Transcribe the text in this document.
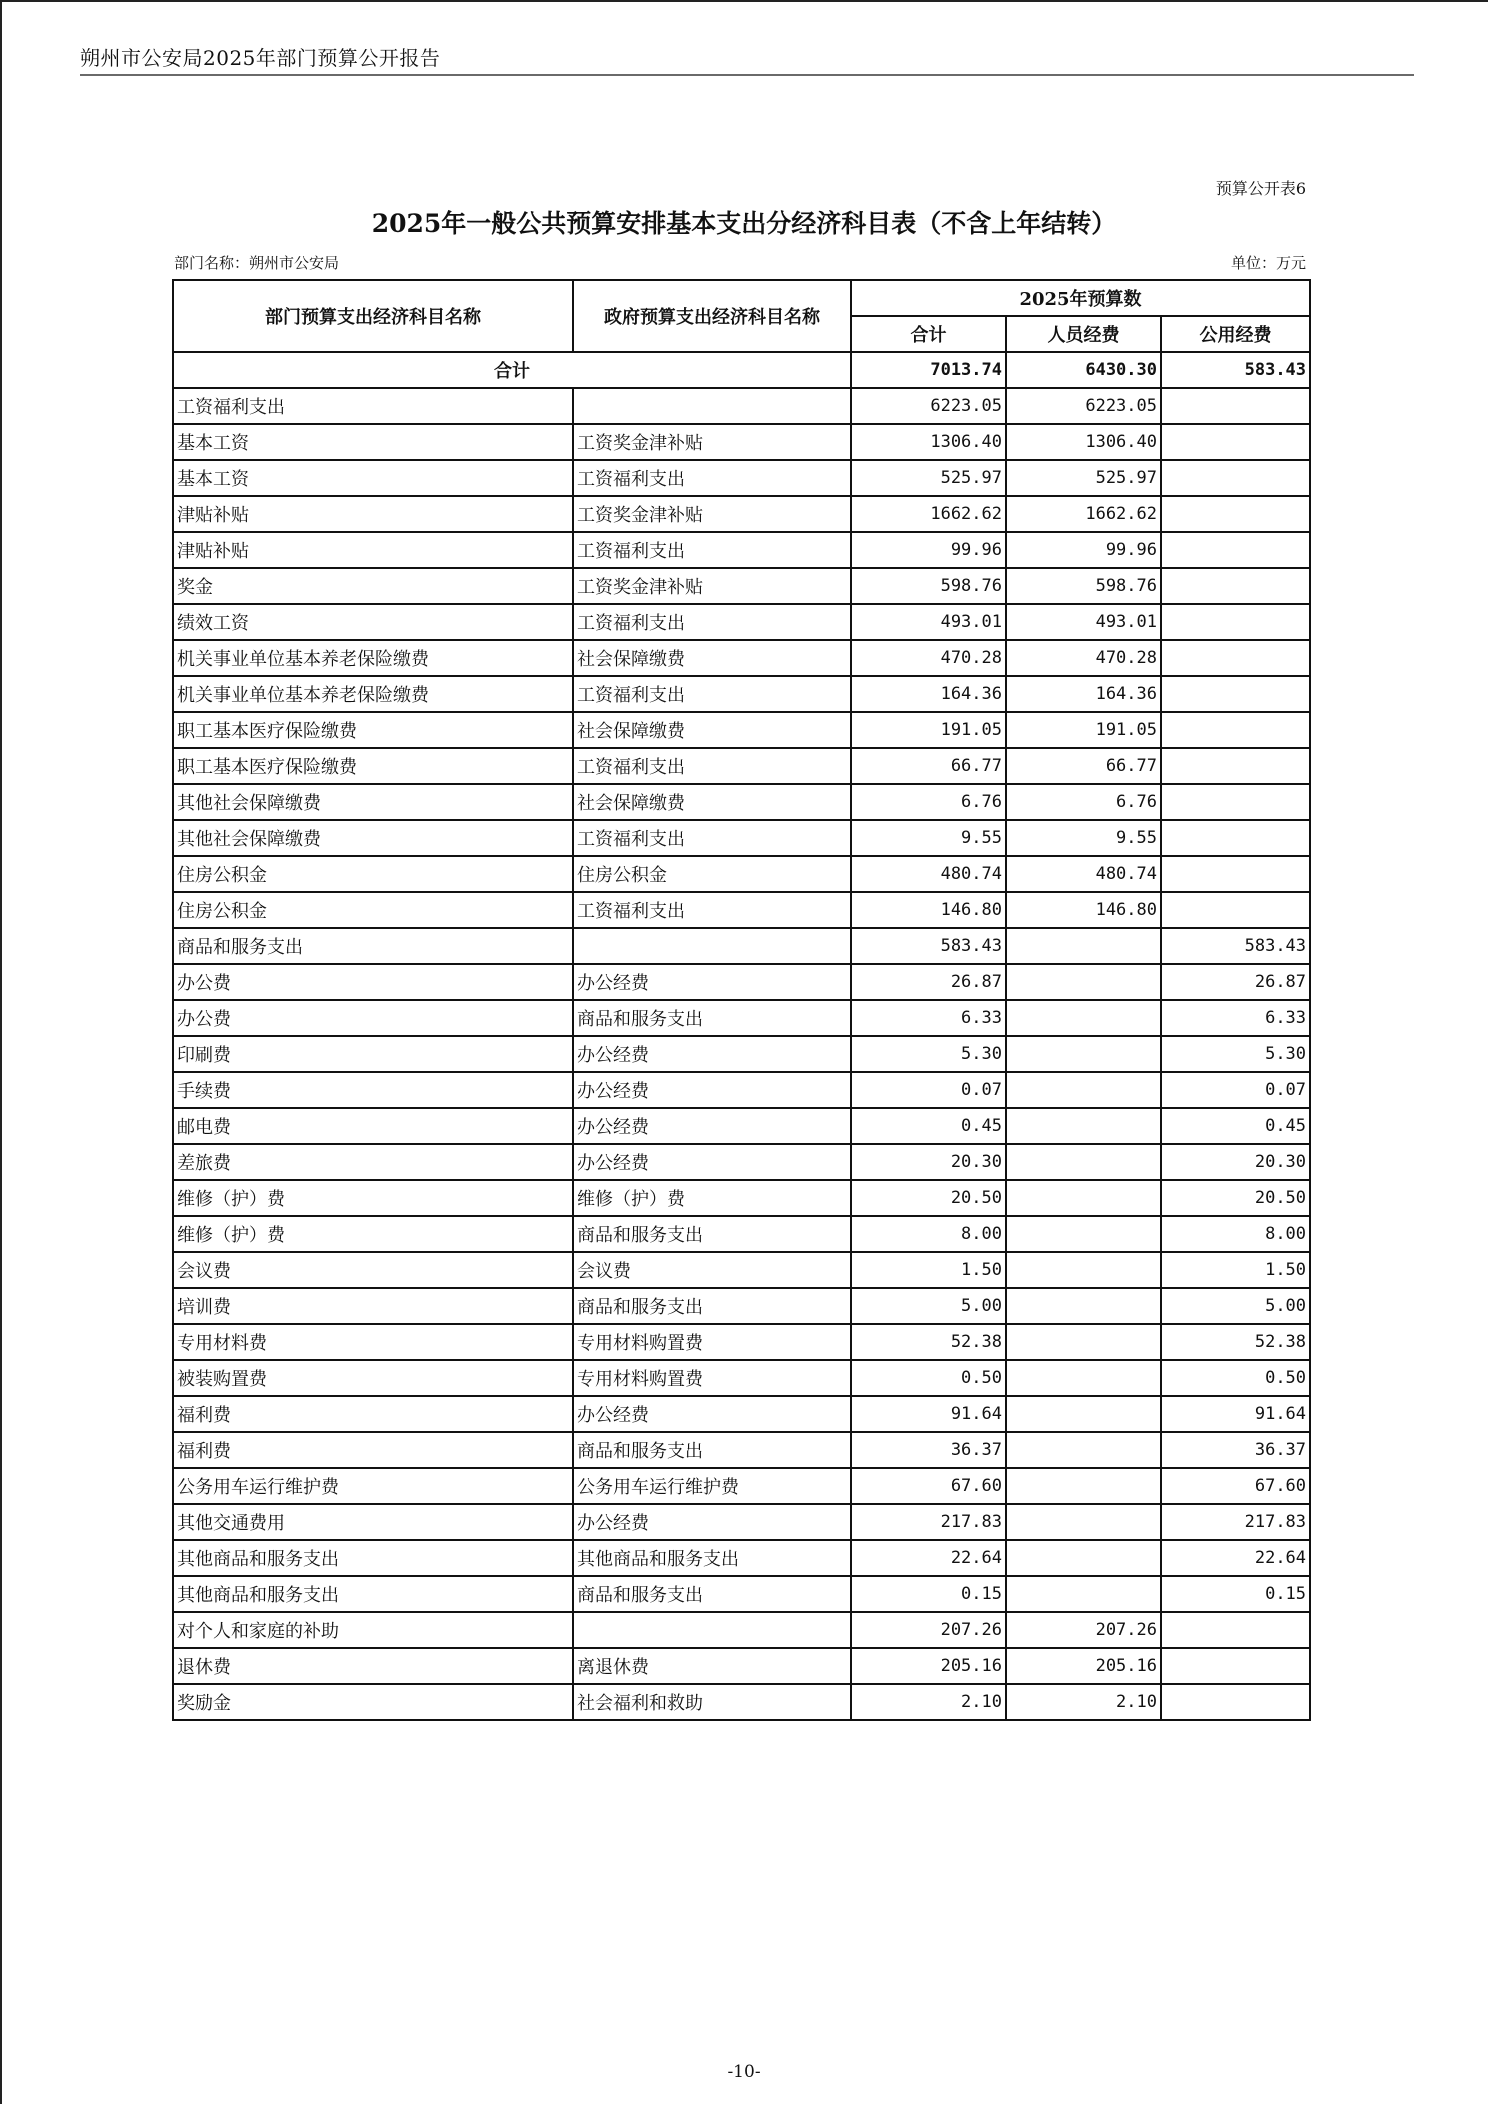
朔州市公安局2025年部门预算公开报告
预算公开表6
2025年一般公共预算安排基本支出分经济科目表（不含上年结转）
部门名称：朔州市公安局	单位：万元
部门预算支出经济科目名称	政府预算支出经济科目名称	2025年预算数		
		合计	人员经费	公用经费
合计		7013.74	6430.30	583.43
工资福利支出		6223.05	6223.05	
基本工资	工资奖金津补贴	1306.40	1306.40	
基本工资	工资福利支出	525.97	525.97	
津贴补贴	工资奖金津补贴	1662.62	1662.62	
津贴补贴	工资福利支出	99.96	99.96	
奖金	工资奖金津补贴	598.76	598.76	
绩效工资	工资福利支出	493.01	493.01	
机关事业单位基本养老保险缴费	社会保障缴费	470.28	470.28	
机关事业单位基本养老保险缴费	工资福利支出	164.36	164.36	
职工基本医疗保险缴费	社会保障缴费	191.05	191.05	
职工基本医疗保险缴费	工资福利支出	66.77	66.77	
其他社会保障缴费	社会保障缴费	6.76	6.76	
其他社会保障缴费	工资福利支出	9.55	9.55	
住房公积金	住房公积金	480.74	480.74	
住房公积金	工资福利支出	146.80	146.80	
商品和服务支出		583.43		583.43
办公费	办公经费	26.87		26.87
办公费	商品和服务支出	6.33		6.33
印刷费	办公经费	5.30		5.30
手续费	办公经费	0.07		0.07
邮电费	办公经费	0.45		0.45
差旅费	办公经费	20.30		20.30
维修（护）费	维修（护）费	20.50		20.50
维修（护）费	商品和服务支出	8.00		8.00
会议费	会议费	1.50		1.50
培训费	商品和服务支出	5.00		5.00
专用材料费	专用材料购置费	52.38		52.38
被装购置费	专用材料购置费	0.50		0.50
福利费	办公经费	91.64		91.64
福利费	商品和服务支出	36.37		36.37
公务用车运行维护费	公务用车运行维护费	67.60		67.60
其他交通费用	办公经费	217.83		217.83
其他商品和服务支出	其他商品和服务支出	22.64		22.64
其他商品和服务支出	商品和服务支出	0.15		0.15
对个人和家庭的补助		207.26	207.26	
退休费	离退休费	205.16	205.16	
奖励金	社会福利和救助	2.10	2.10	
-10-
